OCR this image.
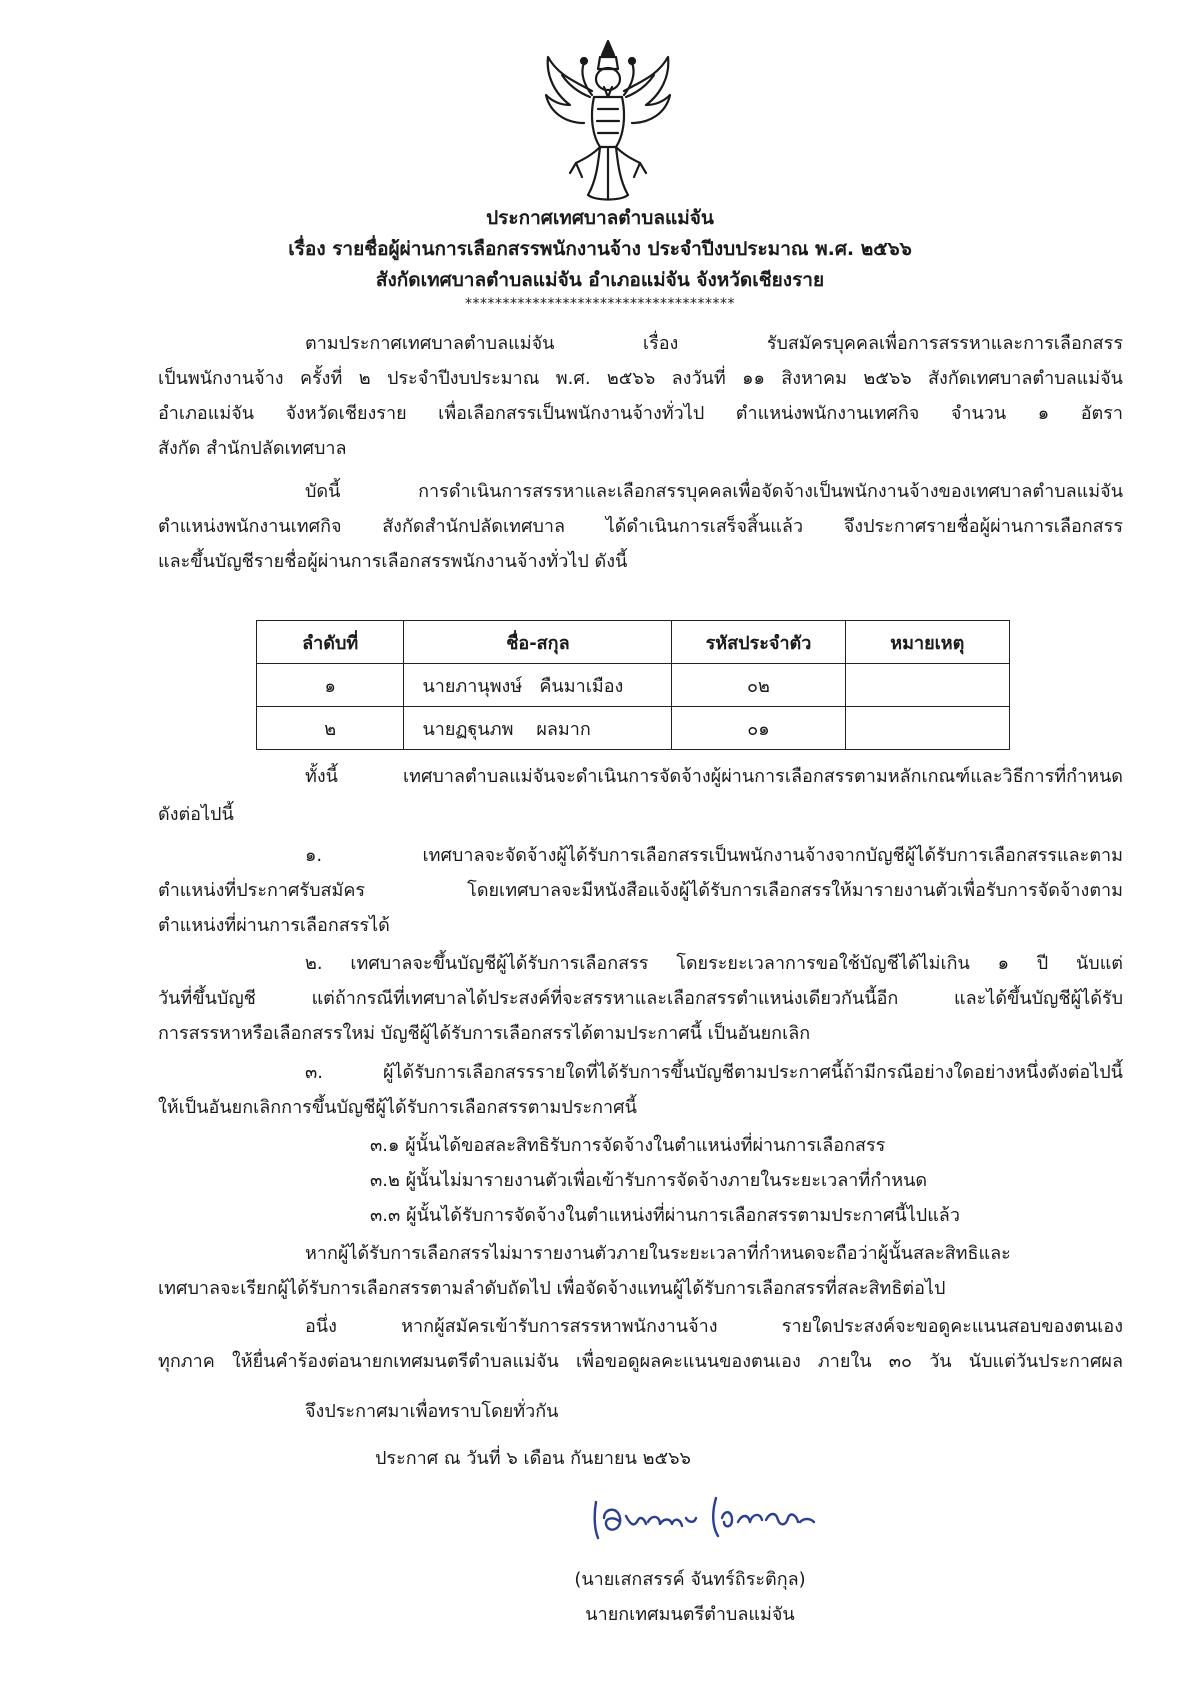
ประกาศเทศบาลตำบลแม่จัน
เรื่อง รายชื่อผู้ผ่านการเลือกสรรพนักงานจ้าง ประจำปีงบประมาณ พ.ศ. ๒๕๖๖
สังกัดเทศบาลตำบลแม่จัน อำเภอแม่จัน จังหวัดเชียงราย
************************************
ตามประกาศเทศบาลตำบลแม่จัน เรื่อง รับสมัครบุคคลเพื่อการสรรหาและการเลือกสรร
เป็นพนักงานจ้าง ครั้งที่ ๒ ประจำปีงบประมาณ พ.ศ. ๒๕๖๖ ลงวันที่ ๑๑ สิงหาคม ๒๕๖๖ สังกัดเทศบาลตำบลแม่จัน
อำเภอแม่จัน จังหวัดเชียงราย เพื่อเลือกสรรเป็นพนักงานจ้างทั่วไป ตำแหน่งพนักงานเทศกิจ จำนวน ๑ อัตรา
สังกัด สำนักปลัดเทศบาล
บัดนี้ การดำเนินการสรรหาและเลือกสรรบุคคลเพื่อจัดจ้างเป็นพนักงานจ้างของเทศบาลตำบลแม่จัน
ตำแหน่งพนักงานเทศกิจ สังกัดสำนักปลัดเทศบาล ได้ดำเนินการเสร็จสิ้นแล้ว จึงประกาศรายชื่อผู้ผ่านการเลือกสรร
และขึ้นบัญชีรายชื่อผู้ผ่านการเลือกสรรพนักงานจ้างทั่วไป ดังนี้
ลำดับที่	ชื่อ-สกุล	รหัสประจำตัว	หมายเหตุ
๑	นายภานุพงษ์   คืนมาเมือง	๐๒	
๒	นายฏฐุนภพ    ผลมาก	๐๑	
ทั้งนี้ เทศบาลตำบลแม่จันจะดำเนินการจัดจ้างผู้ผ่านการเลือกสรรตามหลักเกณฑ์และวิธีการที่กำหนด
ดังต่อไปนี้
๑. เทศบาลจะจัดจ้างผู้ได้รับการเลือกสรรเป็นพนักงานจ้างจากบัญชีผู้ได้รับการเลือกสรรและตาม
ตำแหน่งที่ประกาศรับสมัคร โดยเทศบาลจะมีหนังสือแจ้งผู้ได้รับการเลือกสรรให้มารายงานตัวเพื่อรับการจัดจ้างตาม
ตำแหน่งที่ผ่านการเลือกสรรได้
๒. เทศบาลจะขึ้นบัญชีผู้ได้รับการเลือกสรร โดยระยะเวลาการขอใช้บัญชีได้ไม่เกิน ๑ ปี นับแต่
วันที่ขึ้นบัญชี แต่ถ้ากรณีที่เทศบาลได้ประสงค์ที่จะสรรหาและเลือกสรรตำแหน่งเดียวกันนี้อีก และได้ขึ้นบัญชีผู้ได้รับ
การสรรหาหรือเลือกสรรใหม่ บัญชีผู้ได้รับการเลือกสรรได้ตามประกาศนี้ เป็นอันยกเลิก
๓. ผู้ได้รับการเลือกสรรรายใดที่ได้รับการขึ้นบัญชีตามประกาศนี้ถ้ามีกรณีอย่างใดอย่างหนึ่งดังต่อไปนี้
ให้เป็นอันยกเลิกการขึ้นบัญชีผู้ได้รับการเลือกสรรตามประกาศนี้
๓.๑ ผู้นั้นได้ขอสละสิทธิรับการจัดจ้างในตำแหน่งที่ผ่านการเลือกสรร
๓.๒ ผู้นั้นไม่มารายงานตัวเพื่อเข้ารับการจัดจ้างภายในระยะเวลาที่กำหนด
๓.๓ ผู้นั้นได้รับการจัดจ้างในตำแหน่งที่ผ่านการเลือกสรรตามประกาศนี้ไปแล้ว
หากผู้ได้รับการเลือกสรรไม่มารายงานตัวภายในระยะเวลาที่กำหนดจะถือว่าผู้นั้นสละสิทธิและ
เทศบาลจะเรียกผู้ได้รับการเลือกสรรตามลำดับถัดไป เพื่อจัดจ้างแทนผู้ได้รับการเลือกสรรที่สละสิทธิต่อไป
อนึ่ง หากผู้สมัครเข้ารับการสรรหาพนักงานจ้าง รายใดประสงค์จะขอดูคะแนนสอบของตนเอง
ทุกภาค ให้ยื่นคำร้องต่อนายกเทศมนตรีตำบลแม่จัน เพื่อขอดูผลคะแนนของตนเอง ภายใน ๓๐ วัน นับแต่วันประกาศผล
จึงประกาศมาเพื่อทราบโดยทั่วกัน
ประกาศ ณ วันที่ ๖ เดือน กันยายน ๒๕๖๖
(นายเสกสรรค์ จันทร์ถิระติกุล)
นายกเทศมนตรีตำบลแม่จัน
